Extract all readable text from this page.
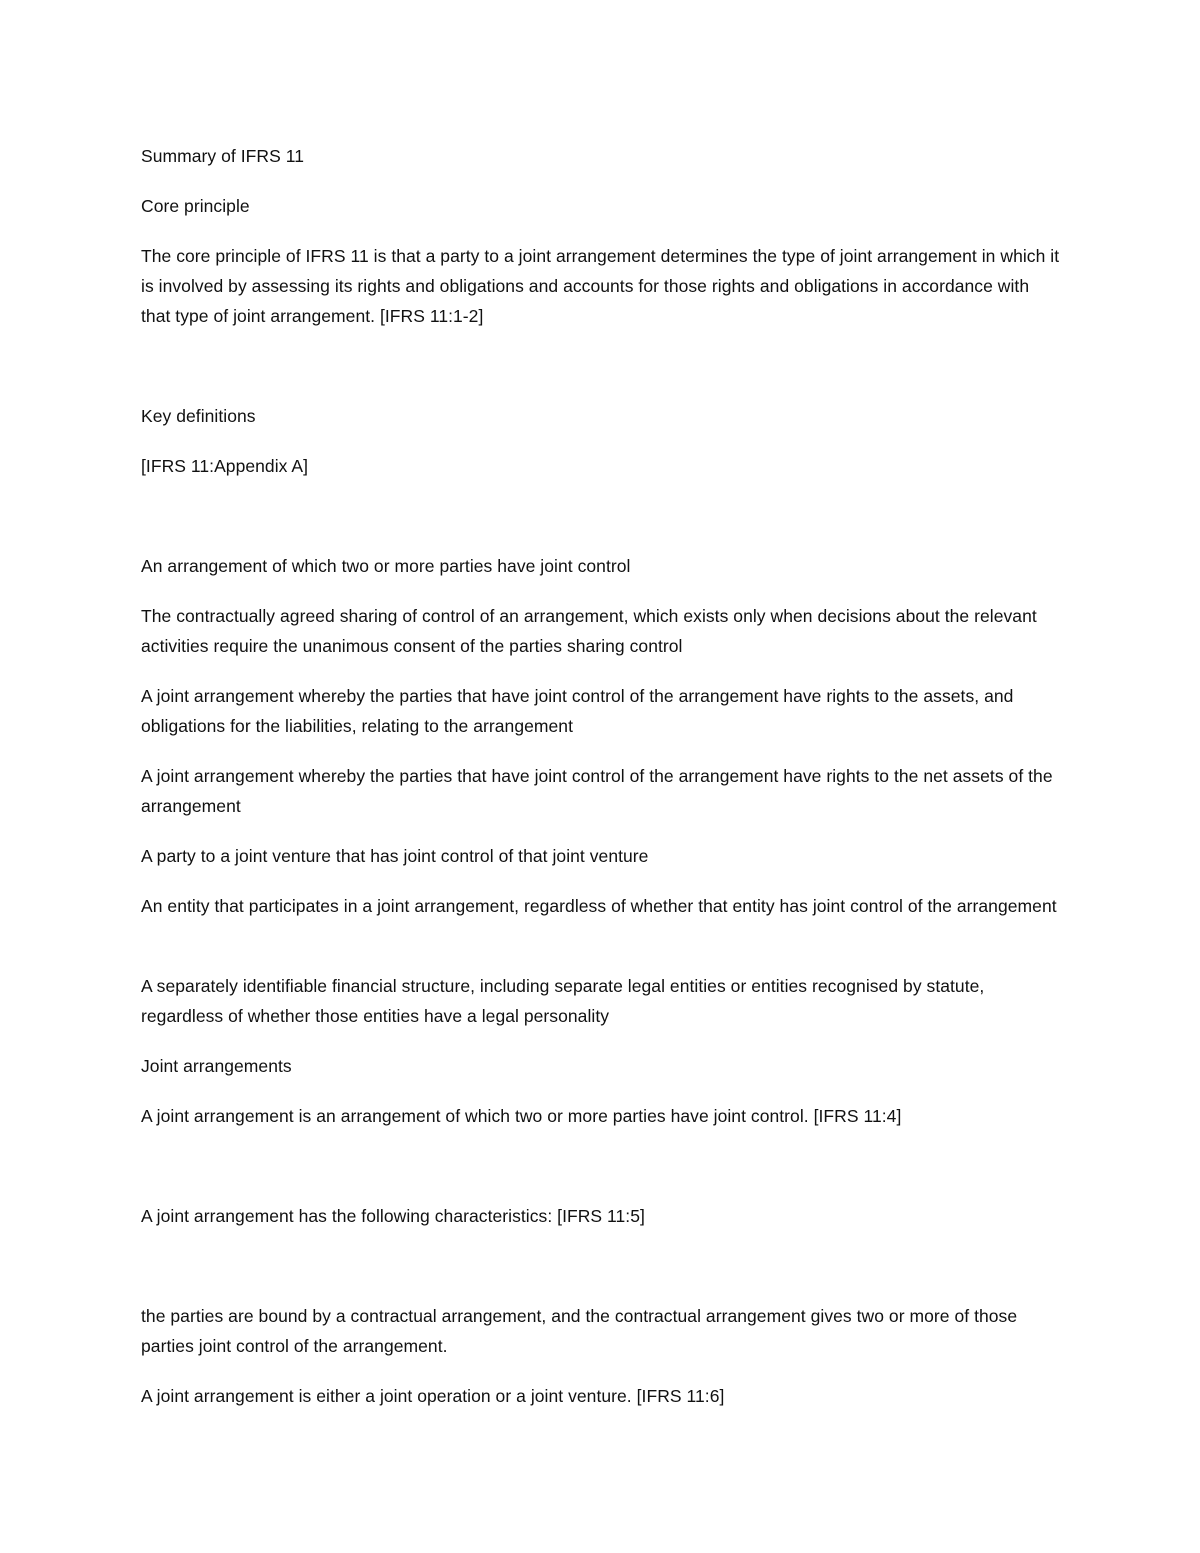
Summary of IFRS 11

Core principle

The core principle of IFRS 11 is that a party to a joint arrangement determines the type of joint arrangement in which it is involved by assessing its rights and obligations and accounts for those rights and obligations in accordance with that type of joint arrangement. [IFRS 11:1-2]

Key definitions

[IFRS 11:Appendix A]

An arrangement of which two or more parties have joint control

The contractually agreed sharing of control of an arrangement, which exists only when decisions about the relevant activities require the unanimous consent of the parties sharing control

A joint arrangement whereby the parties that have joint control of the arrangement have rights to the assets, and obligations for the liabilities, relating to the arrangement

A joint arrangement whereby the parties that have joint control of the arrangement have rights to the net assets of the arrangement

A party to a joint venture that has joint control of that joint venture

An entity that participates in a joint arrangement, regardless of whether that entity has joint control of the arrangement

A separately identifiable financial structure, including separate legal entities or entities recognised by statute, regardless of whether those entities have a legal personality

Joint arrangements

A joint arrangement is an arrangement of which two or more parties have joint control. [IFRS 11:4]

A joint arrangement has the following characteristics: [IFRS 11:5]

the parties are bound by a contractual arrangement, and the contractual arrangement gives two or more of those parties joint control of the arrangement.

A joint arrangement is either a joint operation or a joint venture. [IFRS 11:6]
